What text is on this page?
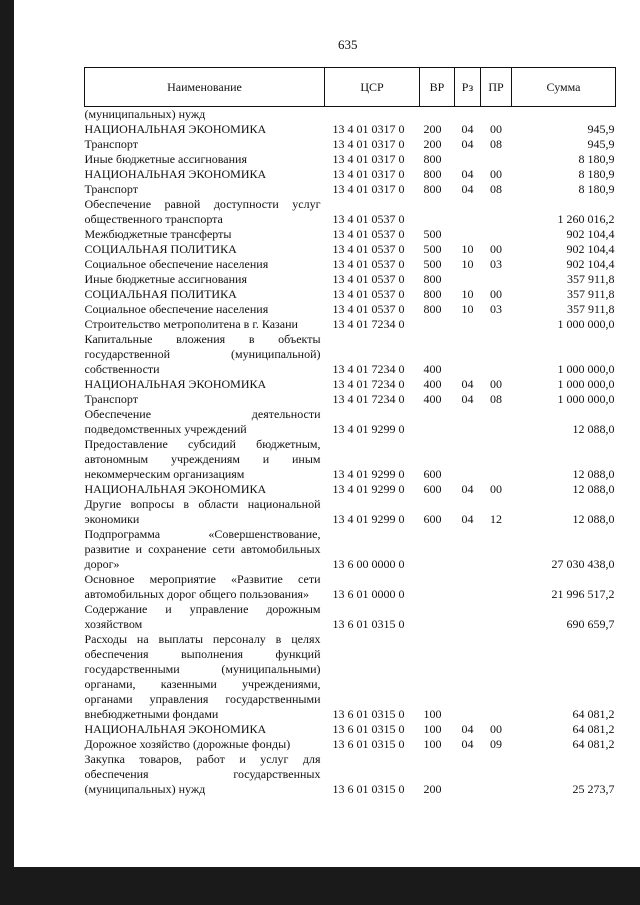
635
Наименование	ЦСР	ВР	Рз	ПР	Сумма
(муниципальных) нужд					
НАЦИОНАЛЬНАЯ ЭКОНОМИКА	13 4 01 0317 0	200	04	00	945,9
Транспорт	13 4 01 0317 0	200	04	08	945,9
Иные бюджетные ассигнования	13 4 01 0317 0	800			8 180,9
НАЦИОНАЛЬНАЯ ЭКОНОМИКА	13 4 01 0317 0	800	04	00	8 180,9
Транспорт	13 4 01 0317 0	800	04	08	8 180,9
Обеспечение равной доступности услуг общественного транспорта	13 4 01 0537 0				1 260 016,2
Межбюджетные трансферты	13 4 01 0537 0	500			902 104,4
СОЦИАЛЬНАЯ ПОЛИТИКА	13 4 01 0537 0	500	10	00	902 104,4
Социальное обеспечение населения	13 4 01 0537 0	500	10	03	902 104,4
Иные бюджетные ассигнования	13 4 01 0537 0	800			357 911,8
СОЦИАЛЬНАЯ ПОЛИТИКА	13 4 01 0537 0	800	10	00	357 911,8
Социальное обеспечение населения	13 4 01 0537 0	800	10	03	357 911,8
Строительство метрополитена в г. Казани	13 4 01 7234 0				1 000 000,0
Капитальные вложения в объекты государственной (муниципальной) собственности	13 4 01 7234 0	400			1 000 000,0
НАЦИОНАЛЬНАЯ ЭКОНОМИКА	13 4 01 7234 0	400	04	00	1 000 000,0
Транспорт	13 4 01 7234 0	400	04	08	1 000 000,0
Обеспечение деятельности подведомственных учреждений	13 4 01 9299 0				12 088,0
Предоставление субсидий бюджетным, автономным учреждениям и иным некоммерческим организациям	13 4 01 9299 0	600			12 088,0
НАЦИОНАЛЬНАЯ ЭКОНОМИКА	13 4 01 9299 0	600	04	00	12 088,0
Другие вопросы в области национальной экономики	13 4 01 9299 0	600	04	12	12 088,0
Подпрограмма «Совершенствование, развитие и сохранение сети автомобильных дорог»	13 6 00 0000 0				27 030 438,0
Основное мероприятие «Развитие сети автомобильных дорог общего пользования»	13 6 01 0000 0				21 996 517,2
Содержание и управление дорожным хозяйством	13 6 01 0315 0				690 659,7
Расходы на выплаты персоналу в целях обеспечения выполнения функций государственными (муниципальными) органами, казенными учреждениями, органами управления государственными внебюджетными фондами	13 6 01 0315 0	100			64 081,2
НАЦИОНАЛЬНАЯ ЭКОНОМИКА	13 6 01 0315 0	100	04	00	64 081,2
Дорожное хозяйство (дорожные фонды)	13 6 01 0315 0	100	04	09	64 081,2
Закупка товаров, работ и услуг для обеспечения государственных (муниципальных) нужд	13 6 01 0315 0	200			25 273,7
